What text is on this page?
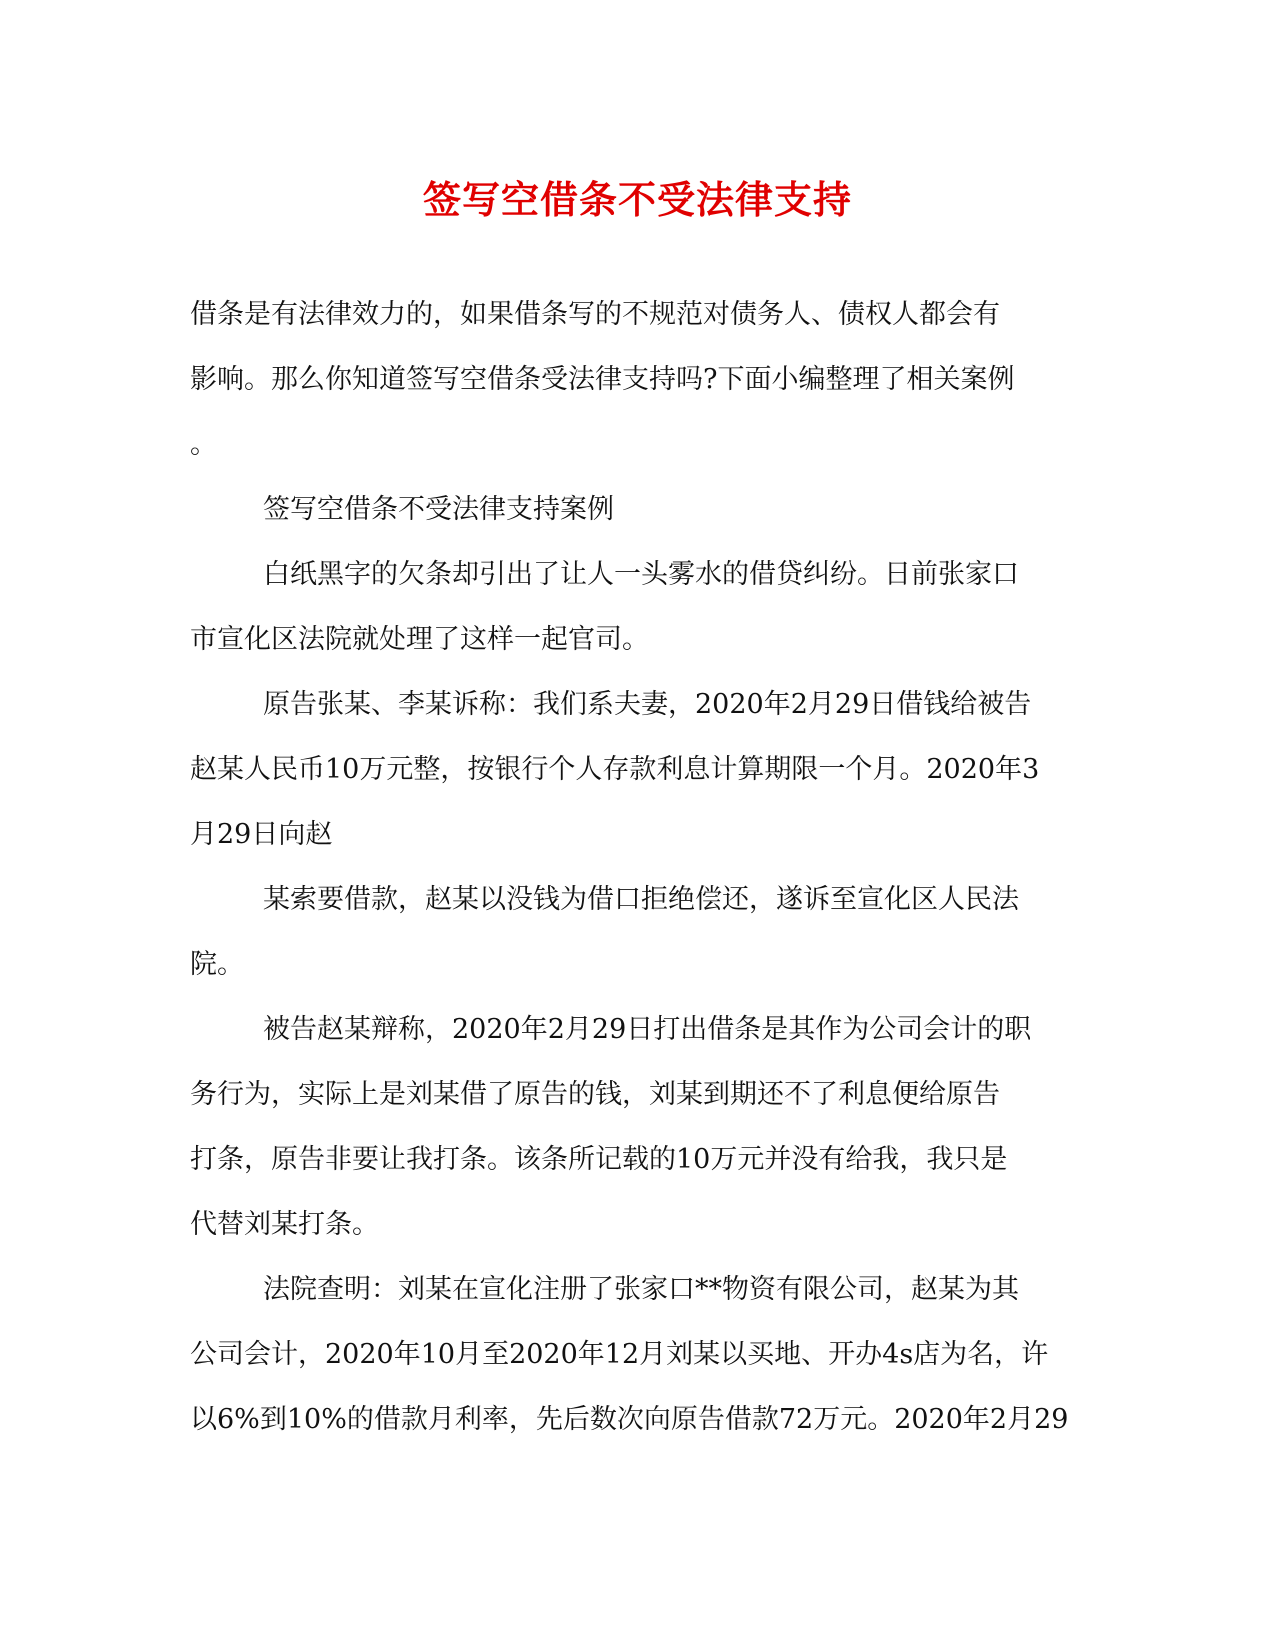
签写空借条不受法律支持
借条是有法律效力的，如果借条写的不规范对债务人、债权人都会有
影响。那么你知道签写空借条受法律支持吗?下面小编整理了相关案例
。
签写空借条不受法律支持案例
白纸黑字的欠条却引出了让人一头雾水的借贷纠纷。日前张家口
市宣化区法院就处理了这样一起官司。
原告张某、李某诉称：我们系夫妻，2020年2月29日借钱给被告
赵某人民币10万元整，按银行个人存款利息计算期限一个月。2020年3
月29日向赵
某索要借款，赵某以没钱为借口拒绝偿还，遂诉至宣化区人民法
院。
被告赵某辩称，2020年2月29日打出借条是其作为公司会计的职
务行为，实际上是刘某借了原告的钱，刘某到期还不了利息便给原告
打条，原告非要让我打条。该条所记载的10万元并没有给我，我只是
代替刘某打条。
法院查明：刘某在宣化注册了张家口**物资有限公司，赵某为其
公司会计，2020年10月至2020年12月刘某以买地、开办4s店为名，许
以6%到10%的借款月利率，先后数次向原告借款72万元。2020年2月29
